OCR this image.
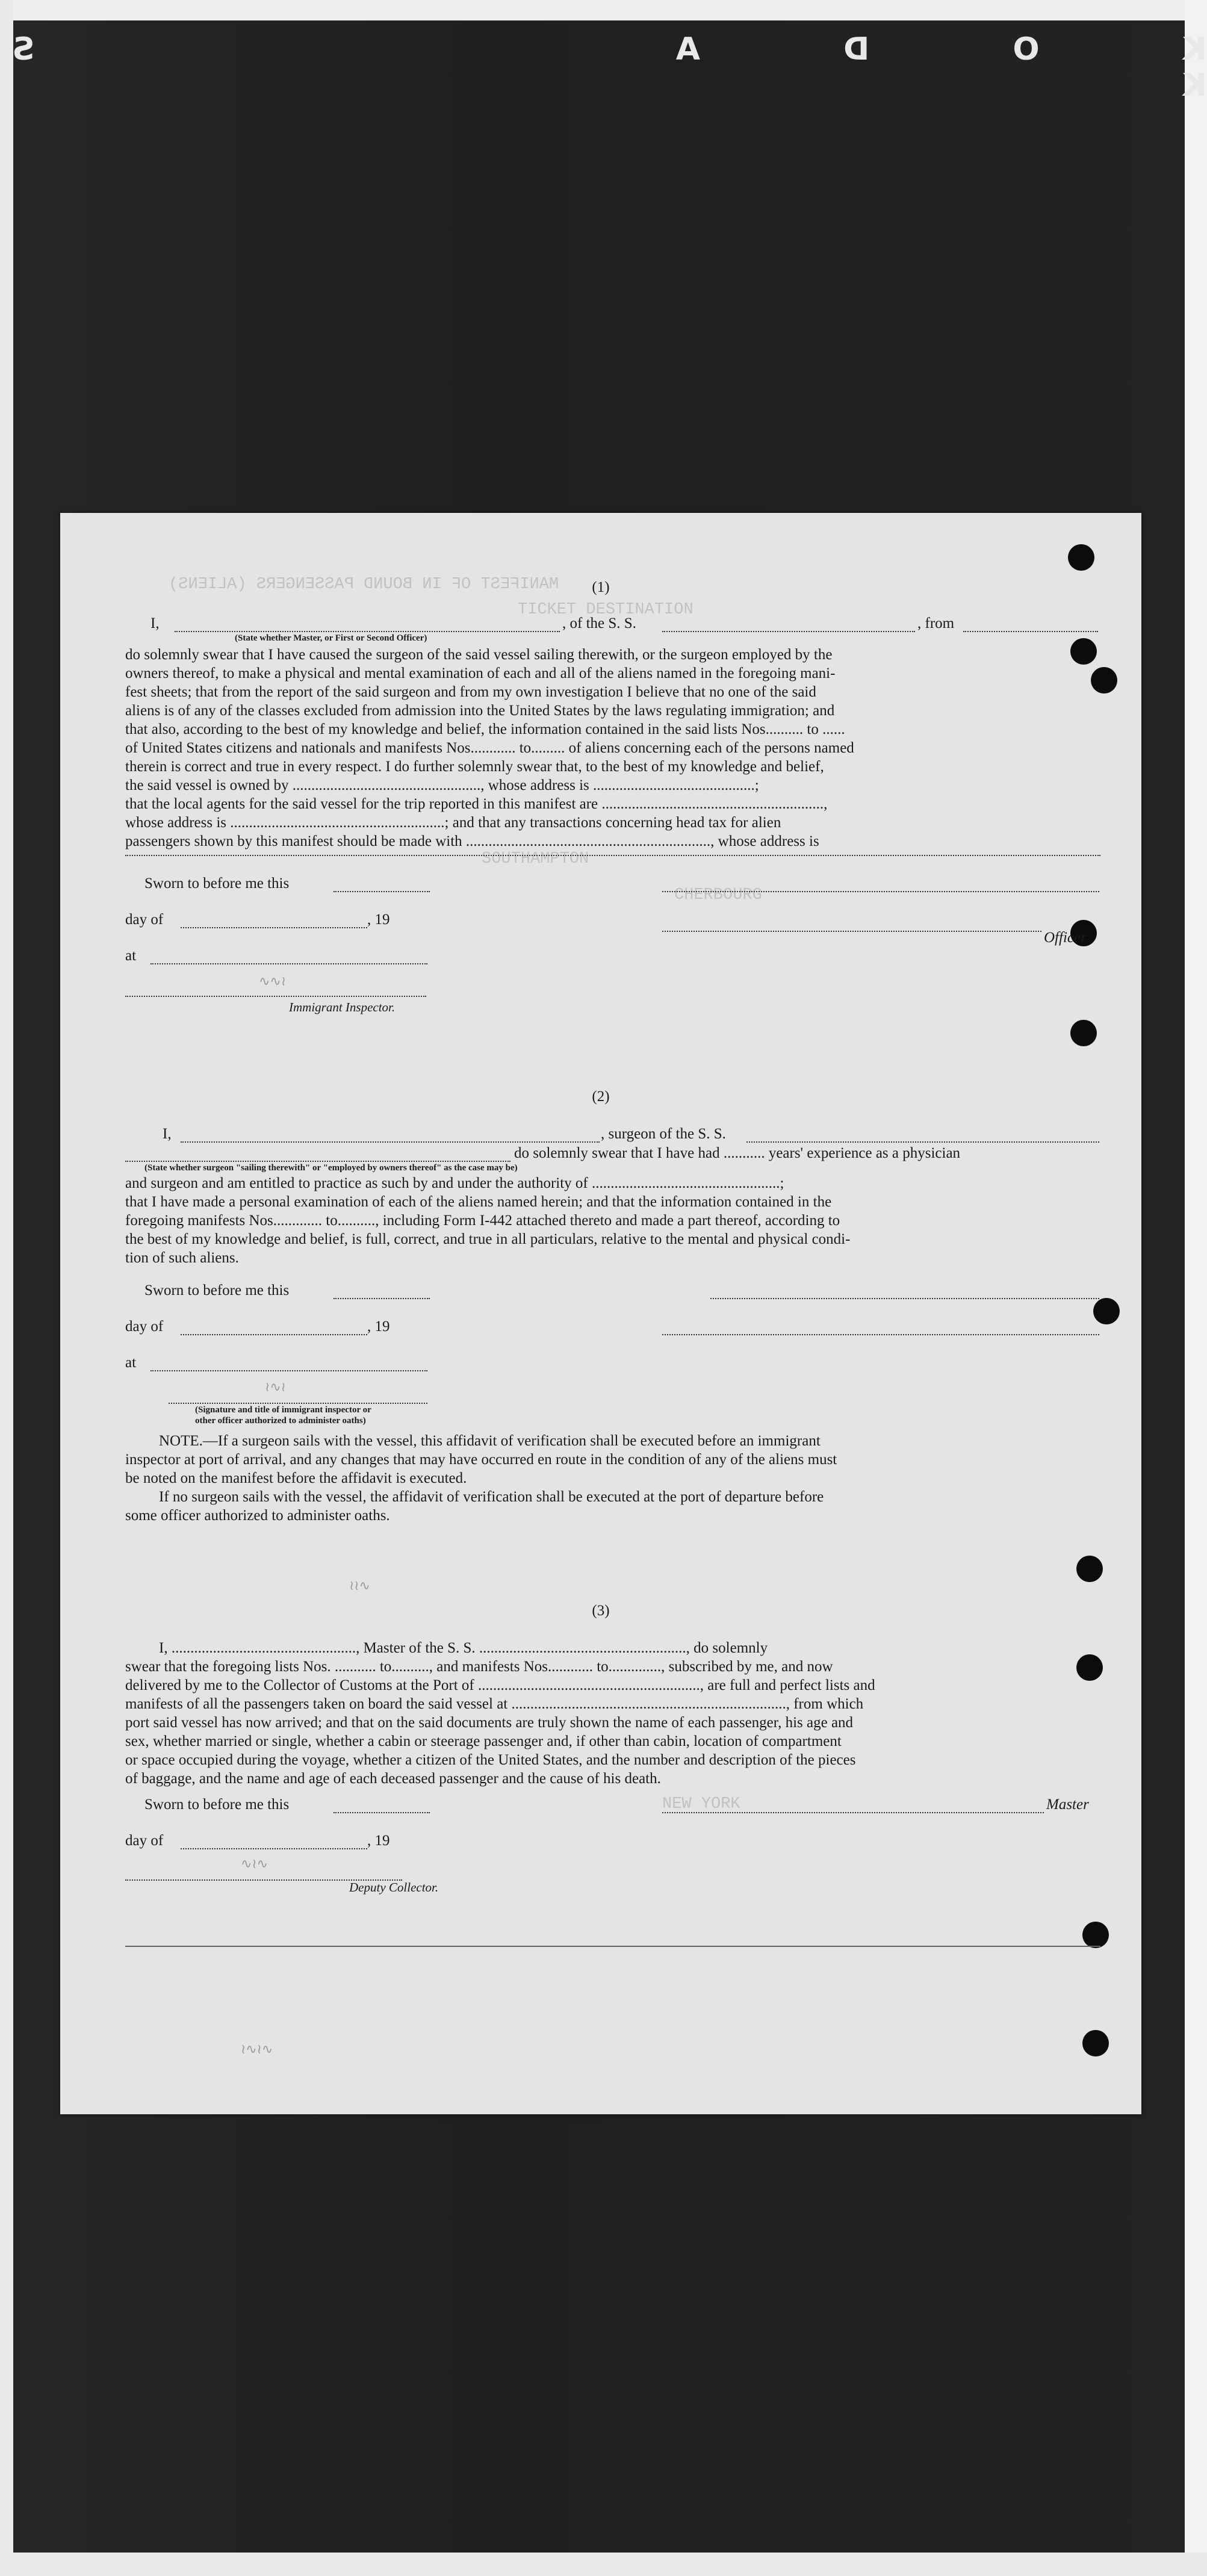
S	K O D A K
MANIFEST OF IN BOUND PASSENGERS (ALIENS)
TICKET DESTINATION
SOUTHAMPTON
CHERBOURG
NEW YORK
(1)
I,	, of the S. S.	, from
(State whether Master, or First or Second Officer)
do solemnly swear that I have caused the surgeon of the said vessel sailing therewith, or the surgeon employed by the
owners thereof, to make a physical and mental examination of each and all of the aliens named in the foregoing mani-
fest sheets; that from the report of the said surgeon and from my own investigation I believe that no one of the said
aliens is of any of the classes excluded from admission into the United States by the laws regulating immigration; and
that also, according to the best of my knowledge and belief, the information contained in the said lists Nos.......... to ......
of United States citizens and nationals and manifests Nos............ to......... of aliens concerning each of the persons named
therein is correct and true in every respect. I do further solemnly swear that, to the best of my knowledge and belief,
the said vessel is owned by .................................................., whose address is ...........................................;
that the local agents for the said vessel for the trip reported in this manifest are ...........................................................,
whose address is .........................................................; and that any transactions concerning head tax for alien
passengers shown by this manifest should be made with ................................................................., whose address is
Sworn to before me this
day of	, 19
Officer
at
Immigrant Inspector.
∿∿≀
(2)
I,	, surgeon of the S. S.
do solemnly swear that I have had ........... years' experience as a physician
(State whether surgeon "sailing therewith" or "employed by owners thereof" as the case may be)
and surgeon and am entitled to practice as such by and under the authority of ..................................................;
that I have made a personal examination of each of the aliens named herein; and that the information contained in the
foregoing manifests Nos............. to.........., including Form I-442 attached thereto and made a part thereof, according to
the best of my knowledge and belief, is full, correct, and true in all particulars, relative to the mental and physical condi-
tion of such aliens.
Sworn to before me this
day of	, 19
at
(Signature and title of immigrant inspector or
other officer authorized to administer oaths)
≀∿≀
NOTE.—If a surgeon sails with the vessel, this affidavit of verification shall be executed before an immigrant
inspector at port of arrival, and any changes that may have occurred en route in the condition of any of the aliens must
be noted on the manifest before the affidavit is executed.
If no surgeon sails with the vessel, the affidavit of verification shall be executed at the port of departure before
some officer authorized to administer oaths.
≀≀∿
(3)
I, ................................................., Master of the S. S. ......................................................., do solemnly
swear that the foregoing lists Nos. ........... to.........., and manifests Nos............ to.............., subscribed by me, and now
delivered by me to the Collector of Customs at the Port of ..........................................................., are full and perfect lists and
manifests of all the passengers taken on board the said vessel at ........................................................................., from which
port said vessel has now arrived; and that on the said documents are truly shown the name of each passenger, his age and
sex, whether married or single, whether a cabin or steerage passenger and, if other than cabin, location of compartment
or space occupied during the voyage, whether a citizen of the United States, and the number and description of the pieces
of baggage, and the name and age of each deceased passenger and the cause of his death.
Sworn to before me this	Master
day of	, 19
Deputy Collector.
∿≀∿
≀∿≀∿
